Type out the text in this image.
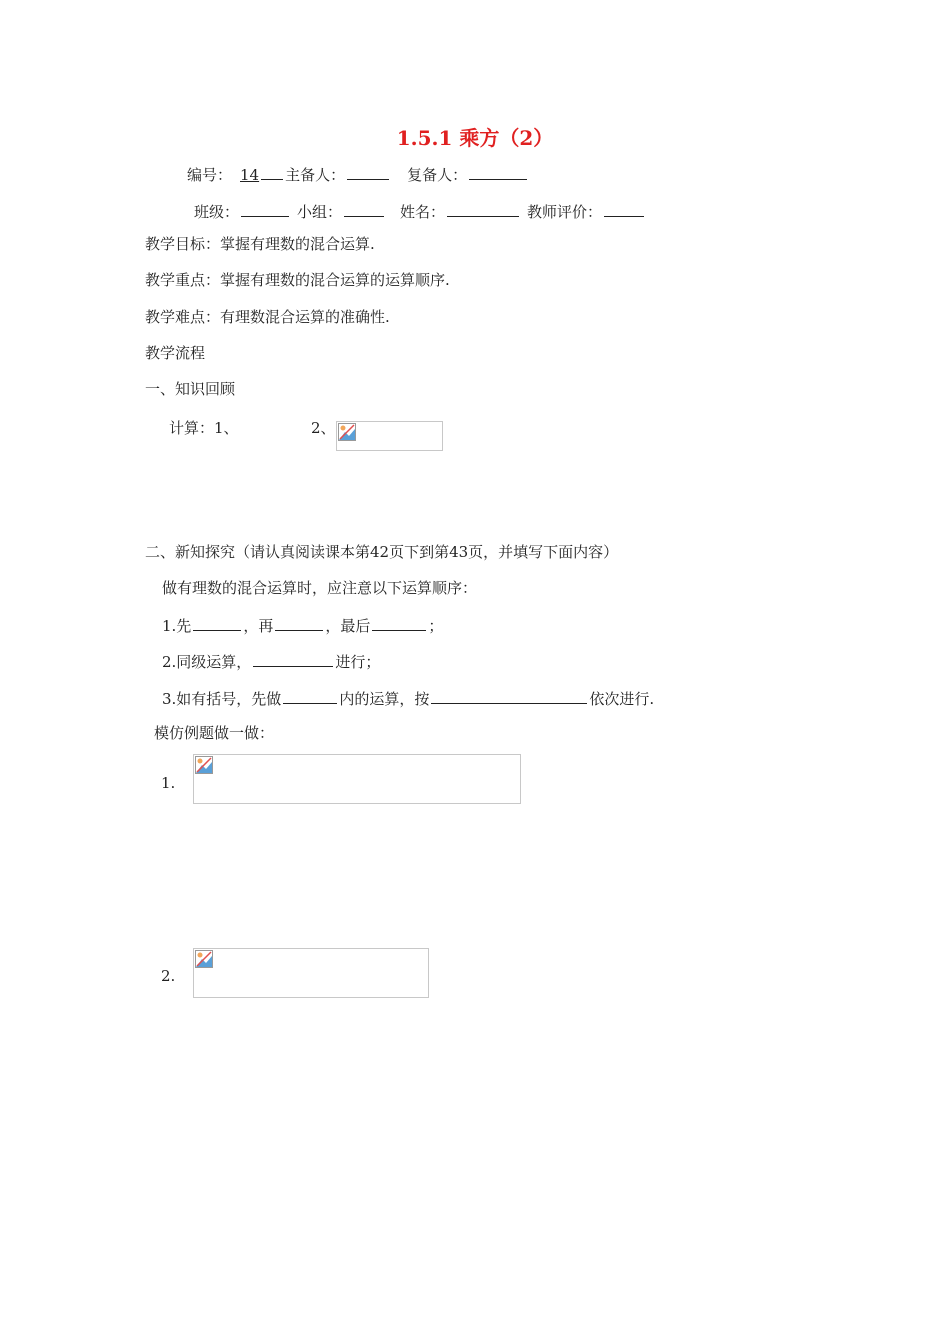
1.5.1 乘方（2）
编号： 14 主备人：	复备人：
班级：	小组：	姓名：	教师评价：
教学目标：掌握有理数的混合运算.
教学重点：掌握有理数的混合运算的运算顺序.
教学难点：有理数混合运算的准确性.
教学流程
一、知识回顾
计算：1、	2、
二、新知探究（请认真阅读课本第42页下到第43页，并填写下面内容）
做有理数的混合运算时，应注意以下运算顺序：
1.先	，再	，最后	；
2.同级运算，	进行；
3.如有括号，先做	内的运算，按	依次进行.
模仿例题做一做：
1.
2.
